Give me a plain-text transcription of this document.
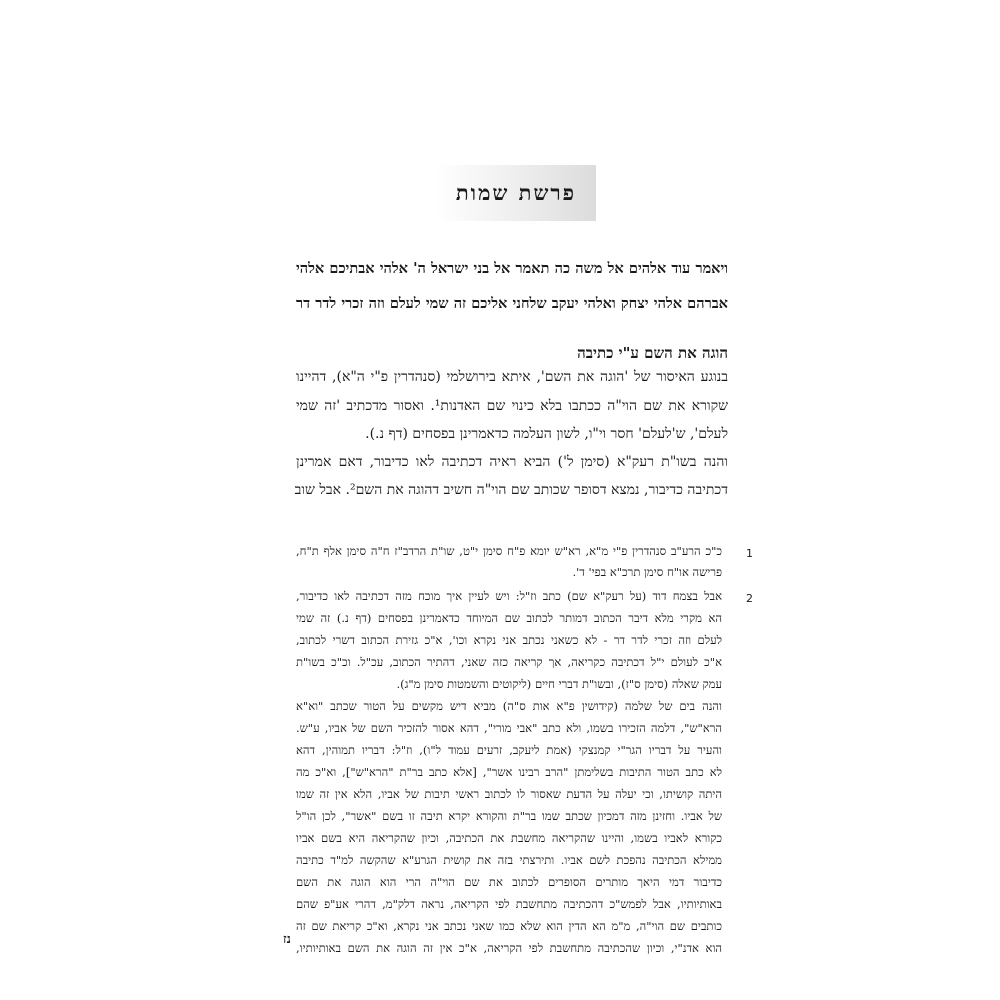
פרשת שמות
ויאמר עוד אלהים אל משה כה תאמר אל בני ישראל ה' אלהי אבתיכם אלהי
אברהם אלהי יצחק ואלהי יעקב שלחני אליכם זה שמי לעלם וזה זכרי לדר דר
הוגה את השם ע"י כתיבה
בנוגע האיסור של 'הוגה את השם', איתא בירושלמי (סנהדרין פ"י ה"א), דהיינו
שקורא את שם הוי"ה ככתבו בלא כינוי שם האדנות¹. ואסור מדכתיב 'זה שמי
לעלם', ש'לעלם' חסר וי"ו, לשון העלמה כדאמרינן בפסחים (דף נ.).
והנה בשו"ת רעק"א (סימן ל') הביא ראיה דכתיבה לאו כדיבור, דאם אמרינן
דכתיבה כדיבור, נמצא דסופר שכותב שם הוי"ה חשיב דהוגה את השם². אבל שוב
1
כ"כ הרע"ב סנהדרין פ"י מ"א, רא"ש יומא פ"ח סימן י"ט, שו"ת הרדב"ז ח"ה סימן אלף ת"ח,
פרישה או"ח סימן תרכ"א בפי' ד'.
2
אבל בצמח דוד (על רעק"א שם) כתב וז"ל: ויש לעיין איך מוכח מזה דכתיבה לאו כדיבור,
הא מקרי מלא דיבר הכתוב דמותר לכתוב שם המיוחד כדאמרינן בפסחים (דף נ.) זה שמי
לעלם וזה זכרי לדר דר - לא כשאני נכתב אני נקרא וכו', א"כ גזירת הכתוב דשרי לכתוב,
א"כ לעולם י"ל דכתיבה כקריאה, אך קריאה כזה שאני, דהתיר הכתוב, עכ"ל. וכ"כ בשו"ת
עמק שאלה (סימן ס"ז), ובשו"ת דברי חיים (ליקוטים והשמטות סימן מ"ג).
והנה בים של שלמה (קידושין פ"א אות ס"ה) מביא דיש מקשים על הטור שכתב "וא"א
הרא"ש", דלמה הזכירו בשמו, ולא כתב "אבי מורי", דהא אסור להזכיר השם של אביו, ע"ש.
והעיר על דבריו הגר"י קמנצקי (אמת ליעקב, זרעים עמוד ל"ו), וז"ל: דבריו תמוהין, דהא
לא כתב הטור התיבות בשלימתן "הרב רבינו אשר", [אלא כתב בר"ת "הרא"ש"], וא"כ מה
היתה קושיתו, וכי יעלה על הדעת שאסור לו לכתוב ראשי תיבות של אביו, הלא אין זה שמו
של אביו. וחזינן מזה דמכיון שכתב שמו בר"ת והקורא יקרא תיבה זו בשם "אשר", לכן הו"ל
כקורא לאביו בשמו, והיינו שהקריאה מחשבת את הכתיבה, וכיון שהקריאה היא בשם אביו
ממילא הכתיבה נהפכת לשם אביו. ותירצתי בזה את קושית הגרע"א שהקשה למ"ד כתיבה
כדיבור דמי היאך מותרים הסופרים לכתוב את שם הוי"ה הרי הוא הוגה את השם
באותיותיו, אבל לפמש"כ דהכתיבה מתחשבת לפי הקריאה, נראה דלק"מ, דהרי אע"פ שהם
כותבים שם הוי"ה, מ"מ הא הדין הוא שלא כמו שאני נכתב אני נקרא, וא"כ קריאת שם זה
הוא אדנ"י, וכיון שהכתיבה מתחשבת לפי הקריאה, א"כ אין זה הוגה את השם באותיותיו,
נז
